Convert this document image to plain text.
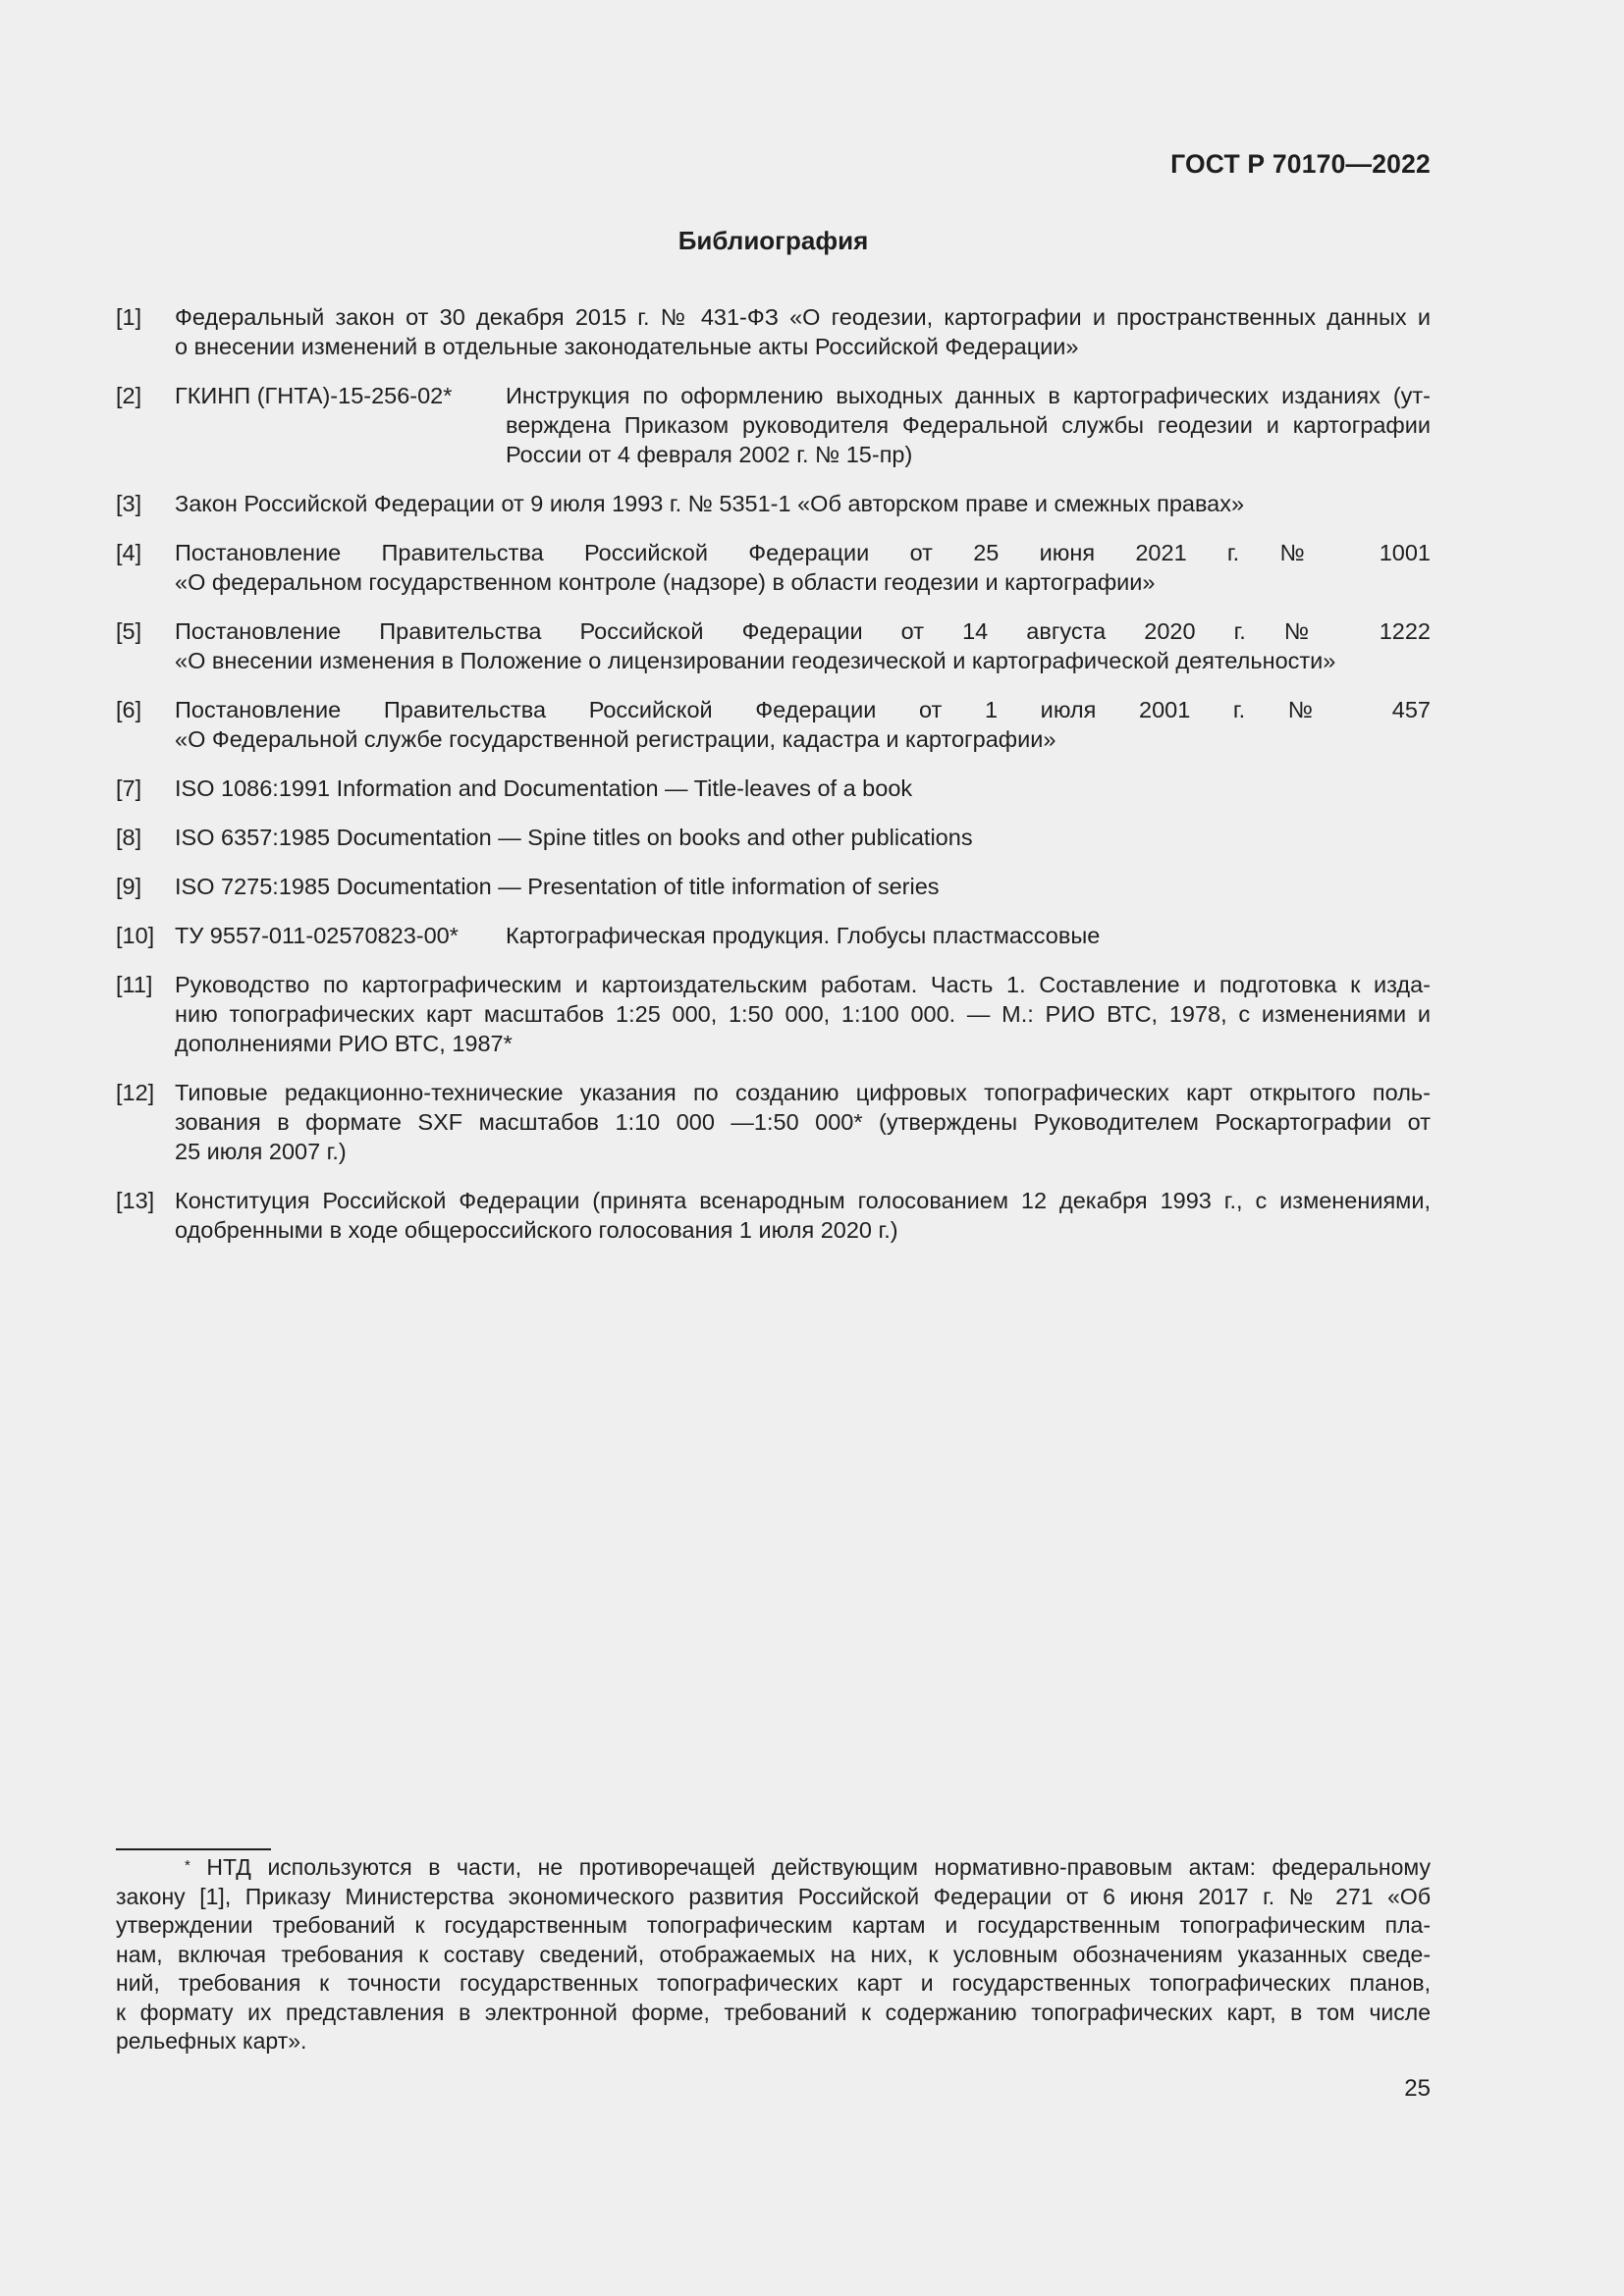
ГОСТ Р 70170—2022
Библиография
[1]	Федеральный закон от 30 декабря 2015 г. № 431-ФЗ «О геодезии, картографии и пространственных данных и
о внесении изменений в отдельные законодательные акты Российской Федерации»
[2]	ГКИНП (ГНТА)-15-256-02*	Инструкция по оформлению выходных данных в картографических изданиях (ут-
верждена Приказом руководителя Федеральной службы геодезии и картографии
России от 4 февраля 2002 г. № 15-пр)
[3]	Закон Российской Федерации от 9 июля 1993 г. № 5351-1 «Об авторском праве и смежных правах»
[4]	Постановление Правительства Российской Федерации от 25 июня 2021 г. № 1001
«О федеральном государственном контроле (надзоре) в области геодезии и картографии»
[5]	Постановление Правительства Российской Федерации от 14 августа 2020 г. № 1222
«О внесении изменения в Положение о лицензировании геодезической и картографической деятельности»
[6]	Постановление Правительства Российской Федерации от 1 июля 2001 г. № 457
«О Федеральной службе государственной регистрации, кадастра и картографии»
[7]	ISO 1086:1991 Information and Documentation — Title-leaves of a book
[8]	ISO 6357:1985 Documentation — Spine titles on books and other publications
[9]	ISO 7275:1985 Documentation — Presentation of title information of series
[10] ТУ 9557-011-02570823-00*	Картографическая продукция. Глобусы пластмассовые
[11] Руководство по картографическим и картоиздательским работам. Часть 1. Составление и подготовка к изда-
нию топографических карт масштабов 1:25 000, 1:50 000, 1:100 000. — М.: РИО ВТС, 1978, с изменениями и
дополнениями РИО ВТС, 1987*
[12] Типовые редакционно-технические указания по созданию цифровых топографических карт открытого поль-
зования в формате SXF масштабов 1:10 000 —1:50 000* (утверждены Руководителем Роскартографии от
25 июля 2007 г.)
[13] Конституция Российской Федерации (принята всенародным голосованием 12 декабря 1993 г., с изменениями,
одобренными в ходе общероссийского голосования 1 июля 2020 г.)
* НТД используются в части, не противоречащей действующим нормативно-правовым актам: федеральному
закону [1], Приказу Министерства экономического развития Российской Федерации от 6 июня 2017 г. № 271 «Об
утверждении требований к государственным топографическим картам и государственным топографическим пла-
нам, включая требования к составу сведений, отображаемых на них, к условным обозначениям указанных сведе-
ний, требования к точности государственных топографических карт и государственных топографических планов,
к формату их представления в электронной форме, требований к содержанию топографических карт, в том числе
рельефных карт».
25
